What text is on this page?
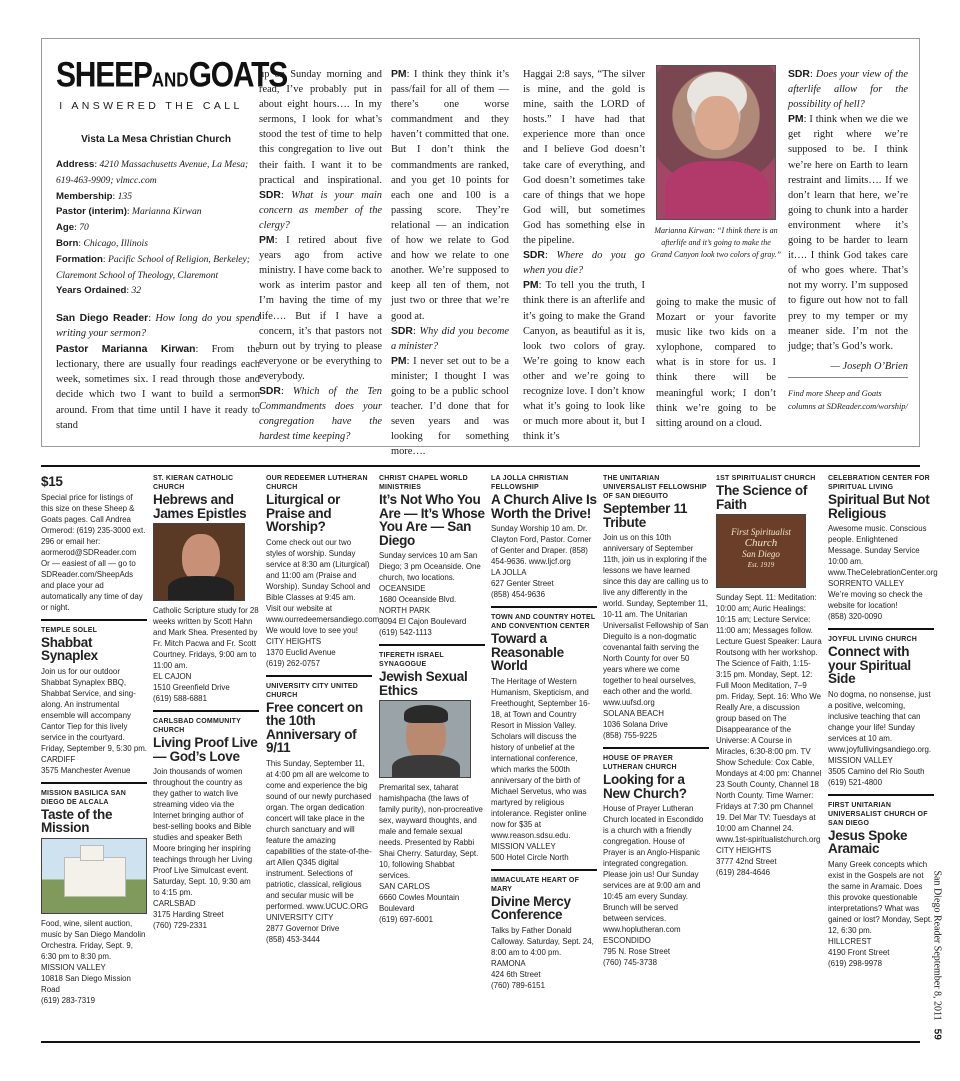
SHEEPANDGOATS
I ANSWERED THE CALL
Vista La Mesa Christian Church
Address: 4210 Massachusetts Avenue, La Mesa; 619-463-9909; vlmcc.com
Membership: 135
Pastor (interim): Marianna Kirwan
Age: 70
Born: Chicago, Illinois
Formation: Pacific School of Religion, Berkeley; Claremont School of Theology, Claremont
Years Ordained: 32

San Diego Reader: How long do you spend writing your sermon?

Pastor Marianna Kirwan: From the lectionary, there are usually four readings each week, sometimes six. I read through those and decide which two I want to build a sermon around. From that time until I have it ready to stand

up on Sunday morning and read, I’ve probably put in about eight hours…. In my sermons, I look for what’s stood the test of time to help this congregation to live out their faith. I want it to be practical and inspirational. SDR: What is your main concern as member of the clergy?

PM: I retired about five years ago from active ministry. I have come back to work as interim pastor and I’m having the time of my life…. But if I have a concern, it’s that pastors not burn out by trying to please everyone or be everything to everybody.

SDR: Which of the Ten Commandments does your congregation have the hardest time keeping?

PM: I think they think it’s pass/fail for all of them — there’s one worse commandment and they haven’t committed that one. But I don’t think the commandments are ranked, and you get 10 points for each one and 100 is a passing score. They’re relational — an indication of how we relate to God and how we relate to one another. We’re supposed to keep all ten of them, not just two or three that we’re good at.

SDR: Why did you become a minister?

PM: I never set out to be a minister; I thought I was going to be a public school teacher. I’d done that for seven years and was looking for something more….

Haggai 2:8 says, “The silver is mine, and the gold is mine, saith the LORD of hosts.” I have had that experience more than once and I believe God doesn’t take care of everything, and God doesn’t sometimes take care of things that we hope God will, but sometimes God has something else in the pipeline.

SDR: Where do you go when you die?

PM: To tell you the truth, I think there is an afterlife and it’s going to make the Grand Canyon, as beautiful as it is, look two colors of gray. We’re going to know each other and we’re going to recognize love. I don’t know what it’s going to look like or much more about it, but I think it’s

Marianna Kirwan: “I think there is an afterlife and it’s going to make the Grand Canyon look two colors of gray.”

going to make the music of Mozart or your favorite music like two kids on a xylophone, compared to what is in store for us. I think there will be meaningful work; I don’t think we’re going to be sitting around on a cloud.

SDR: Does your view of the afterlife allow for the possibility of hell?

PM: I think when we die we get right where we’re supposed to be. I think we’re here on Earth to learn restraint and limits…. If we don’t learn that here, we’re going to chunk into a harder environment where it’s going to be harder to learn it…. I think God takes care of who goes where. That’s not my worry. I’m supposed to figure out how not to fall prey to my temper or my meaner side. I’m not the judge; that’s God’s work.

— Joseph O’Brien

Find more Sheep and Goats columns at SDReader.com/worship/
$15
Special price for listings of this size on these Sheep & Goats pages. Call Andrea Ormerod: (619) 235-3000 ext. 296 or email her: aormerod@SDReader.com
Or — easiest of all — go to SDReader.com/SheepAds and place your ad automatically any time of day or night.
TEMPLE SOLEL
Shabbat Synaplex
Join us for our outdoor Shabbat Synaplex BBQ, Shabbat Service, and sing-along. An instrumental ensemble will accompany Cantor Tiep for this lively service in the courtyard. Friday, September 9, 5:30 pm.
CARDIFF
3575 Manchester Avenue
MISSION BASILICA SAN DIEGO DE ALCALA
Taste of the Mission
Food, wine, silent auction, music by San Diego Mandolin Orchestra. Friday, Sept. 9, 6:30 pm to 8:30 pm.
MISSION VALLEY
10818 San Diego Mission Road
(619) 283-7319
ST. KIERAN CATHOLIC CHURCH
Hebrews and James Epistles
Catholic Scripture study for 28 weeks written by Scott Hahn and Mark Shea. Presented by Fr. Mitch Pacwa and Fr. Scott Courtney. Fridays, 9:00 am to 11:00 am.
EL CAJON
1510 Greenfield Drive
(619) 588-6881
CARLSBAD COMMUNITY CHURCH
Living Proof Live — God’s Love
Join thousands of women throughout the country as they gather to watch live streaming video via the Internet bringing author of best-selling books and Bible studies and speaker Beth Moore bringing her inspiring teachings through her Living Proof Live Simulcast event. Saturday, Sept. 10, 9:30 am to 4:15 pm.
CARLSBAD
3175 Harding Street
(760) 729-2331
OUR REDEEMER LUTHERAN CHURCH
Liturgical or Praise and Worship?
Come check out our two styles of worship. Sunday service at 8:30 am (Liturgical) and 11:00 am (Praise and Worship). Sunday School and Bible Classes at 9:45 am. Visit our website at www.ourredeemersandiego.com. We would love to see you!
CITY HEIGHTS
1370 Euclid Avenue
(619) 262-0757
UNIVERSITY CITY UNITED CHURCH
Free concert on the 10th Anniversary of 9/11
This Sunday, September 11, at 4:00 pm all are welcome to come and experience the big sound of our newly purchased organ. The organ dedication concert will take place in the church sanctuary and will feature the amazing capabilities of the state-of-the-art Allen Q345 digital instrument. Selections of patriotic, classical, religious and secular music will be performed. www.UCUC.ORG
UNIVERSITY CITY
2877 Governor Drive
(858) 453-3444
CHRIST CHAPEL WORLD MINISTRIES
It’s Not Who You Are — It’s Whose You Are — San Diego
Sunday services 10 am San Diego; 3 pm Oceanside. One church, two locations.
OCEANSIDE
1680 Oceanside Blvd.
NORTH PARK
3094 El Cajon Boulevard
(619) 542-1113
TIFERETH ISRAEL SYNAGOGUE
Jewish Sexual Ethics
Premarital sex, taharat hamishpacha (the laws of family purity), non-procreative sex, wayward thoughts, and male and female sexual needs. Presented by Rabbi Shai Cherry. Saturday, Sept. 10, following Shabbat services.
SAN CARLOS
6660 Cowles Mountain Boulevard
(619) 697-6001
LA JOLLA CHRISTIAN FELLOWSHIP
A Church Alive Is Worth the Drive!
Sunday Worship 10 am. Dr. Clayton Ford, Pastor. Corner of Genter and Draper. (858) 454-9636. www.ljcf.org
LA JOLLA
627 Genter Street
(858) 454-9636
TOWN AND COUNTRY HOTEL AND CONVENTION CENTER
Toward a Reasonable World
The Heritage of Western Humanism, Skepticism, and Freethought, September 16-18, at Town and Country Resort in Mission Valley. Scholars will discuss the history of unbelief at the international conference, which marks the 500th anniversary of the birth of Michael Servetus, who was martyred by religious intolerance. Register online now for $35 at www.reason.sdsu.edu.
MISSION VALLEY
500 Hotel Circle North
IMMACULATE HEART OF MARY
Divine Mercy Conference
Talks by Father Donald Calloway. Saturday, Sept. 24, 8:00 am to 4:00 pm.
RAMONA
424 6th Street
(760) 789-6151
THE UNITARIAN UNIVERSALIST FELLOWSHIP OF SAN DIEGUITO
September 11 Tribute
Join us on this 10th anniversary of September 11th, join us in exploring if the lessons we have learned since this day are calling us to live any differently in the world. Sunday, September 11, 10-11 am. The Unitarian Universalist Fellowship of San Dieguito is a non-dogmatic covenantal faith serving the North County for over 50 years where we come together to heal ourselves, each other and the world. www.uufsd.org
SOLANA BEACH
1036 Solana Drive
(858) 755-9225
HOUSE OF PRAYER LUTHERAN CHURCH
Looking for a New Church?
House of Prayer Lutheran Church located in Escondido is a church with a friendly congregation. House of Prayer is an Anglo-Hispanic integrated congregation. Please join us! Our Sunday services are at 9:00 am and 10:45 am every Sunday. Brunch will be served between services. www.hoplutheran.com
ESCONDIDO
795 N. Rose Street
(760) 745-3738
1ST SPIRITUALIST CHURCH
The Science of Faith
First Spiritualist
Church
San Diego
Est. 1919
Sunday Sept. 11: Meditation: 10:00 am; Auric Healings: 10:15 am; Lecture Service: 11:00 am; Messages follow. Lecture Guest Speaker: Laura Routsong with her workshop. The Science of Faith, 1:15-3:15 pm. Monday, Sept. 12: Full Moon Meditation, 7–9 pm. Friday, Sept. 16: Who We Really Are, a discussion group based on The Disappearance of the Universe: A Course in Miracles, 6:30-8:00 pm. TV Show Schedule: Cox Cable, Mondays at 4:00 pm: Channel 23 South County, Channel 18 North County. Time Warner: Fridays at 7:30 pm Channel 19. Del Mar TV: Tuesdays at 10:00 am Channel 24. www.1st-spiritualistchurch.org
CITY HEIGHTS
3777 42nd Street
(619) 284-4646
CELEBRATION CENTER FOR SPIRITUAL LIVING
Spiritual But Not Religious
Awesome music. Conscious people. Enlightened Message. Sunday Service 10:00 am. www.TheCelebrationCenter.org
SORRENTO VALLEY
We’re moving so check the website for location!
(858) 320-0090
JOYFUL LIVING CHURCH
Connect with your Spiritual Side
No dogma, no nonsense, just a positive, welcoming, inclusive teaching that can change your life! Sunday services at 10 am. www.joyfullivingsandiego.org.
MISSION VALLEY
3505 Camino del Rio South
(619) 521-4800
FIRST UNITARIAN UNIVERSALIST CHURCH OF SAN DIEGO
Jesus Spoke Aramaic
Many Greek concepts which exist in the Gospels are not the same in Aramaic. Does this provoke questionable interpretations? What was gained or lost? Monday, Sept. 12, 6:30 pm.
HILLCREST
4190 Front Street
(619) 298-9978	San Diego Reader September 8, 201159
